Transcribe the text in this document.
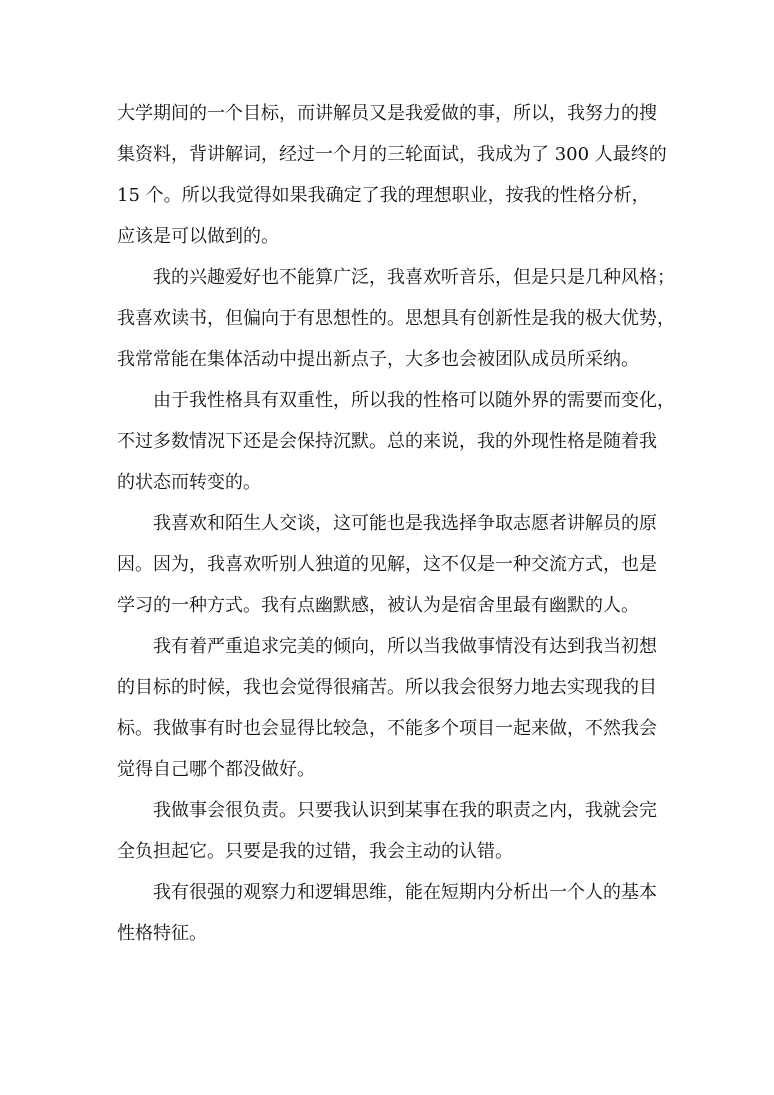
大学期间的一个目标，而讲解员又是我爱做的事，所以，我努力的搜
集资料，背讲解词，经过一个月的三轮面试，我成为了 300 人最终的
15 个。所以我觉得如果我确定了我的理想职业，按我的性格分析，
应该是可以做到的。
我的兴趣爱好也不能算广泛，我喜欢听音乐，但是只是几种风格；
我喜欢读书，但偏向于有思想性的。思想具有创新性是我的极大优势，
我常常能在集体活动中提出新点子，大多也会被团队成员所采纳。
由于我性格具有双重性，所以我的性格可以随外界的需要而变化，
不过多数情况下还是会保持沉默。总的来说，我的外现性格是随着我
的状态而转变的。
我喜欢和陌生人交谈，这可能也是我选择争取志愿者讲解员的原
因。因为，我喜欢听别人独道的见解，这不仅是一种交流方式，也是
学习的一种方式。我有点幽默感，被认为是宿舍里最有幽默的人。
我有着严重追求完美的倾向，所以当我做事情没有达到我当初想
的目标的时候，我也会觉得很痛苦。所以我会很努力地去实现我的目
标。我做事有时也会显得比较急，不能多个项目一起来做，不然我会
觉得自己哪个都没做好。
我做事会很负责。只要我认识到某事在我的职责之内，我就会完
全负担起它。只要是我的过错，我会主动的认错。
我有很强的观察力和逻辑思维，能在短期内分析出一个人的基本
性格特征。
